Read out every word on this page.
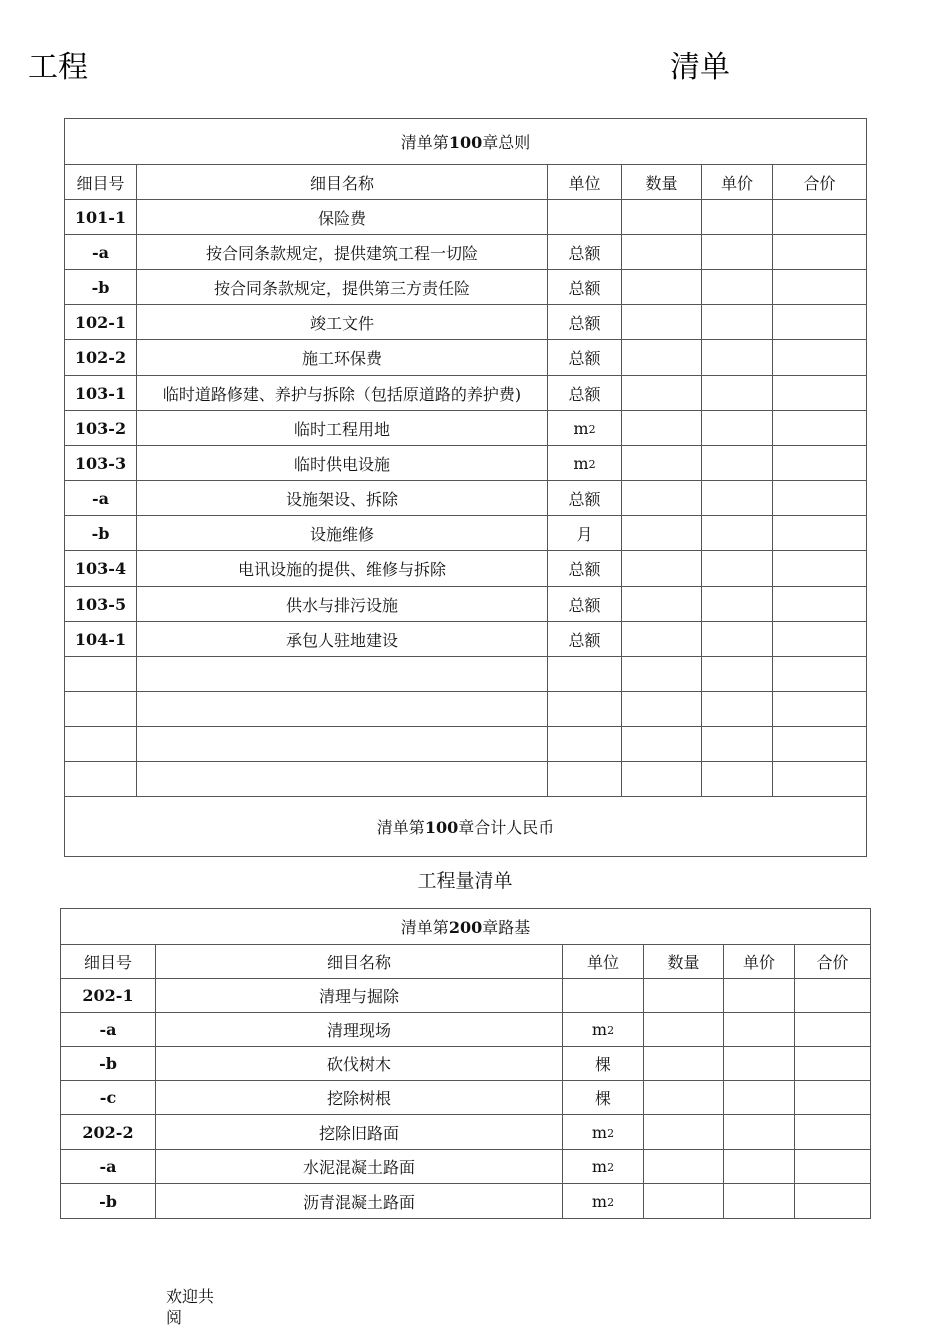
工程	清单
清单第100章总则					
细目号	细目名称	单位	数量	单价	合价
101-1	保险费				
-a	按合同条款规定，提供建筑工程一切险	总额			
-b	按合同条款规定，提供第三方责任险	总额			
102-1	竣工文件	总额			
102-2	施工环保费	总额			
103-1	临时道路修建、养护与拆除（包括原道路的养护费)	总额			
103-2	临时工程用地	$m^2$			
103-3	临时供电设施	$m^2$			
-a	设施架设、拆除	总额			
-b	设施维修	月			
103-4	电讯设施的提供、维修与拆除	总额			
103-5	供水与排污设施	总额			
104-1	承包人驻地建设	总额			

清单第100章合计人民币					
工程量清单
清单第200章路基					
细目号	细目名称	单位	数量	单价	合价
202-1	清理与掘除				
-a	清理现场	$m^2$			
-b	砍伐树木	棵			
-c	挖除树根	棵			
202-2	挖除旧路面	$m^2$			
-a	水泥混凝土路面	$m^2$			
-b	沥青混凝土路面	$m^2$			
欢迎共阅
